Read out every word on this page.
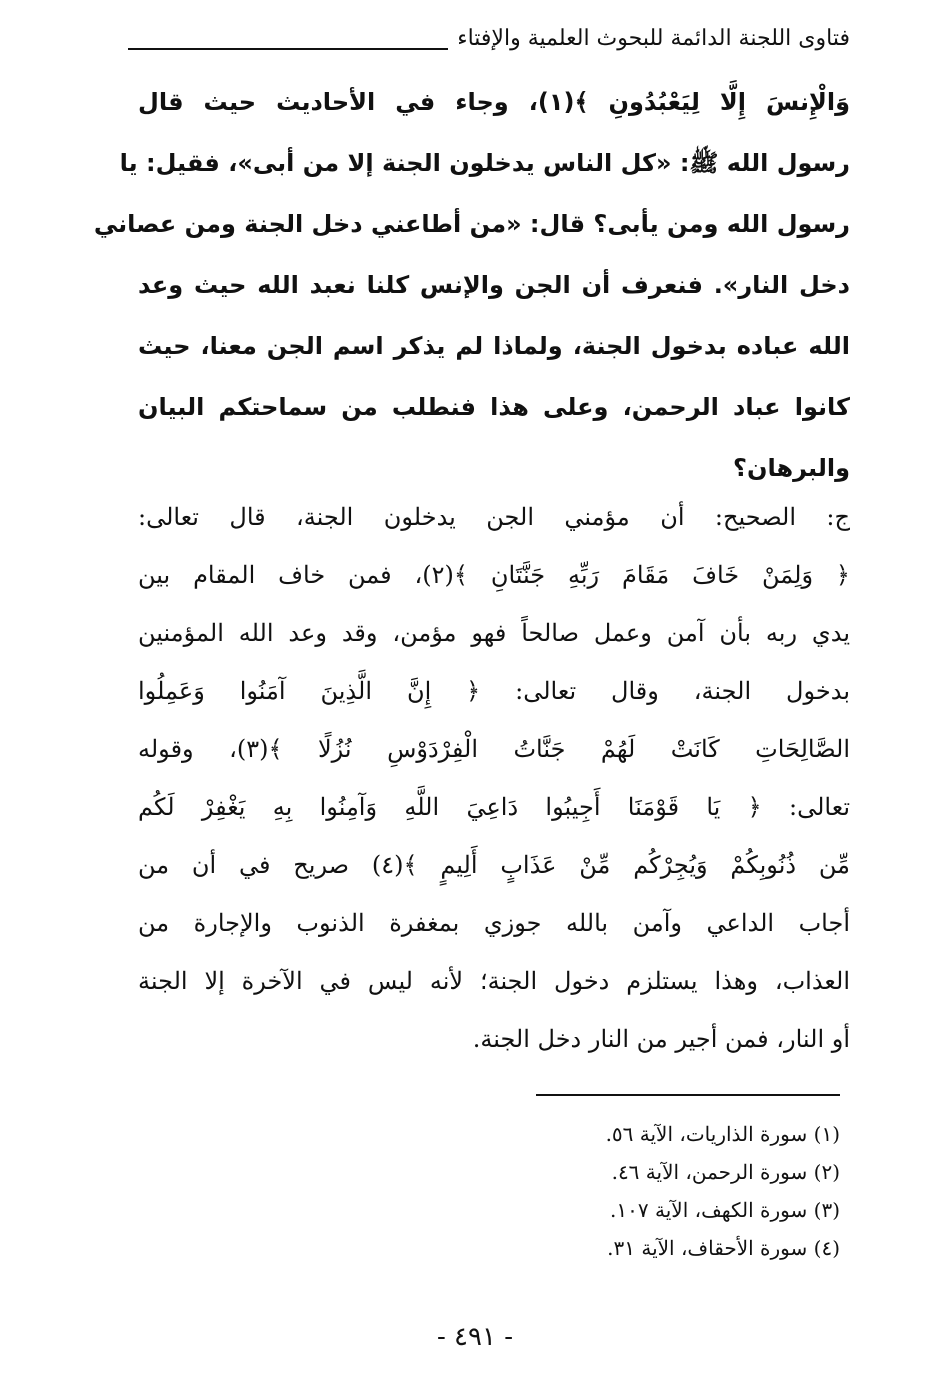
فتاوى اللجنة الدائمة للبحوث العلمية والإفتاء
وَالْإِنسَ إِلَّا لِيَعْبُدُونِ ﴾(١)، وجاء في الأحاديث حيث قال
رسول الله ﷺ: «كل الناس يدخلون الجنة إلا من أبى»، فقيل: يا
رسول الله ومن يأبى؟ قال: «من أطاعني دخل الجنة ومن عصاني
دخل النار». فنعرف أن الجن والإنس كلنا نعبد الله حيث وعد
الله عباده بدخول الجنة، ولماذا لم يذكر اسم الجن معنا، حيث
كانوا عباد الرحمن، وعلى هذا فنطلب من سماحتكم البيان
والبرهان؟
ج: الصحيح: أن مؤمني الجن يدخلون الجنة، قال تعالى:
﴿ وَلِمَنْ خَافَ مَقَامَ رَبِّهِ جَنَّتَانِ ﴾(٢)، فمن خاف المقام بين
يدي ربه بأن آمن وعمل صالحاً فهو مؤمن، وقد وعد الله المؤمنين
بدخول الجنة، وقال تعالى: ﴿ إِنَّ الَّذِينَ آمَنُوا وَعَمِلُوا
الصَّالِحَاتِ كَانَتْ لَهُمْ جَنَّاتُ الْفِرْدَوْسِ نُزُلًا ﴾(٣)، وقوله
تعالى: ﴿ يَا قَوْمَنَا أَجِيبُوا دَاعِيَ اللَّهِ وَآمِنُوا بِهِ يَغْفِرْ لَكُم
مِّن ذُنُوبِكُمْ وَيُجِرْكُم مِّنْ عَذَابٍ أَلِيمٍ ﴾(٤) صريح في أن من
أجاب الداعي وآمن بالله جوزي بمغفرة الذنوب والإجارة من
العذاب، وهذا يستلزم دخول الجنة؛ لأنه ليس في الآخرة إلا الجنة
أو النار، فمن أجير من النار دخل الجنة.
(١) سورة الذاريات، الآية ٥٦.
(٢) سورة الرحمن، الآية ٤٦.
(٣) سورة الكهف، الآية ١٠٧.
(٤) سورة الأحقاف، الآية ٣١.
- ٤٩١ -
